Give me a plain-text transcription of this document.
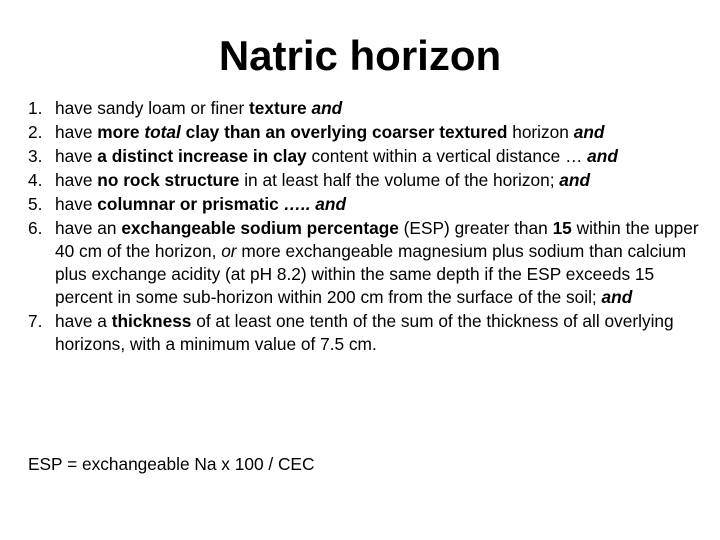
Natric horizon
1. have sandy loam or finer texture and
2. have more total clay than an overlying coarser textured horizon and
3. have a distinct increase in clay content within a vertical distance … and
4. have no rock structure in at least half the volume of the horizon; and
5. have columnar or prismatic ….. and
6. have an exchangeable sodium percentage (ESP) greater than 15 within the upper 40 cm of the horizon, or more exchangeable magnesium plus sodium than calcium plus exchange acidity (at pH 8.2) within the same depth if the ESP exceeds 15 percent in some sub-horizon within 200 cm from the surface of the soil; and
7. have a thickness of at least one tenth of the sum of the thickness of all overlying horizons, with a minimum value of 7.5 cm.

ESP = exchangeable Na x 100 / CEC
